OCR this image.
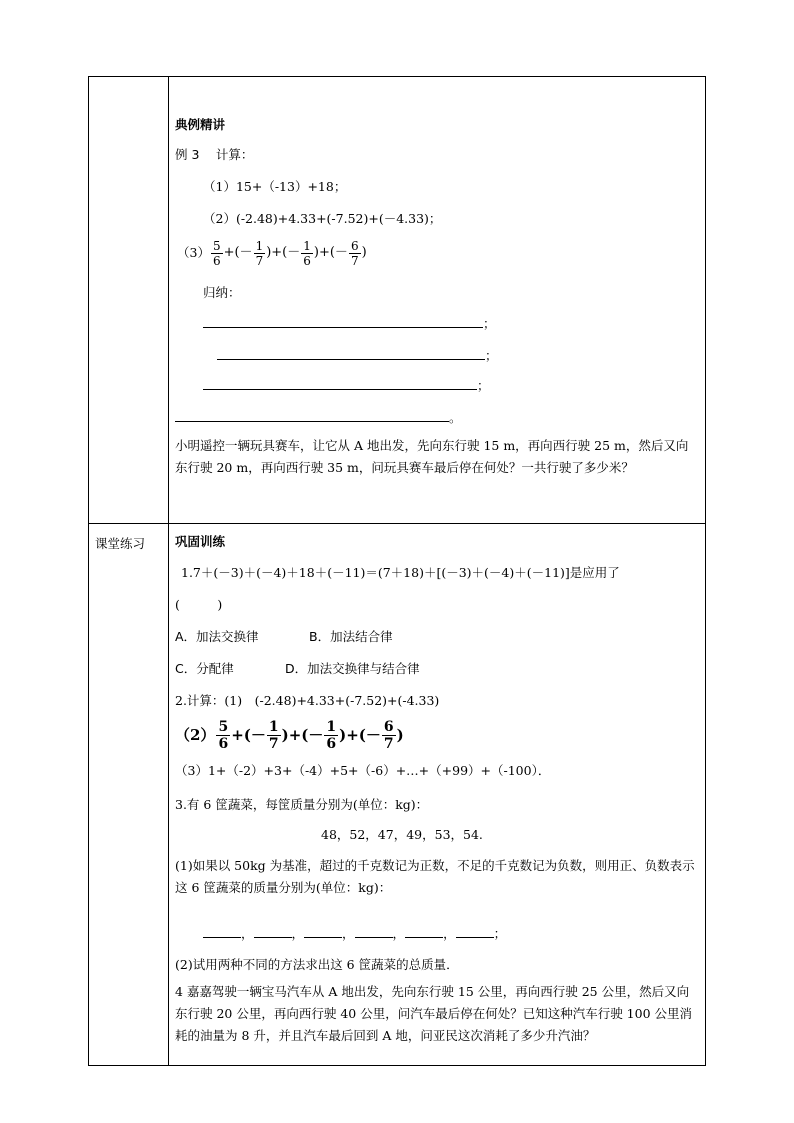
课堂练习
典例精讲
例 3　 计算：
（1）15+（-13）+18；
（2）(-2.48)+4.33+(-7.52)+(－4.33)；
$(3) \frac{5}{6}$ +(－ $\frac{1}{7}$ )+(－ $\frac{1}{6}$ )+(－ $\frac{6}{7}$ )
归纳：
；
；
；
。
小明遥控一辆玩具赛车，让它从 A 地出发，先向东行驶 15 m，再向西行驶 25 m，然后又向东行驶 20 m，再向西行驶 35 m，问玩具赛车最后停在何处？一共行驶了多少米？
巩固训练
1.7＋(－3)＋(－4)＋18＋(－11)＝(7＋18)＋[(－3)＋(－4)＋(－11)]是应用了
(　　　)
A．加法交换律	B．加法结合律
C．分配律	D．加法交换律与结合律
2.计算：(1)　(-2.48)+4.33+(-7.52)+(-4.33)
$(2) \frac{5}{6}$ +(－ $\frac{1}{7}$ )+(－ $\frac{1}{6}$ )+(－ $\frac{6}{7}$ )
（3）1+（-2）+3+（-4）+5+（-6）+…+（+99）+（-100）．
3.有 6 筐蔬菜，每筐质量分别为(单位：kg)：
48，52，47，49，53，54.
(1)如果以 50kg 为基准，超过的千克数记为正数，不足的千克数记为负数，则用正、负数表示这 6 筐蔬菜的质量分别为(单位：kg)：
，	，	，	，	，	；
(2)试用两种不同的方法求出这 6 筐蔬菜的总质量．
4 嘉嘉驾驶一辆宝马汽车从 A 地出发，先向东行驶 15 公里，再向西行驶 25 公里，然后又向东行驶 20 公里，再向西行驶 40 公里，问汽车最后停在何处？已知这种汽车行驶 100 公里消耗的油量为 8 升，并且汽车最后回到 A 地，问亚民这次消耗了多少升汽油？
